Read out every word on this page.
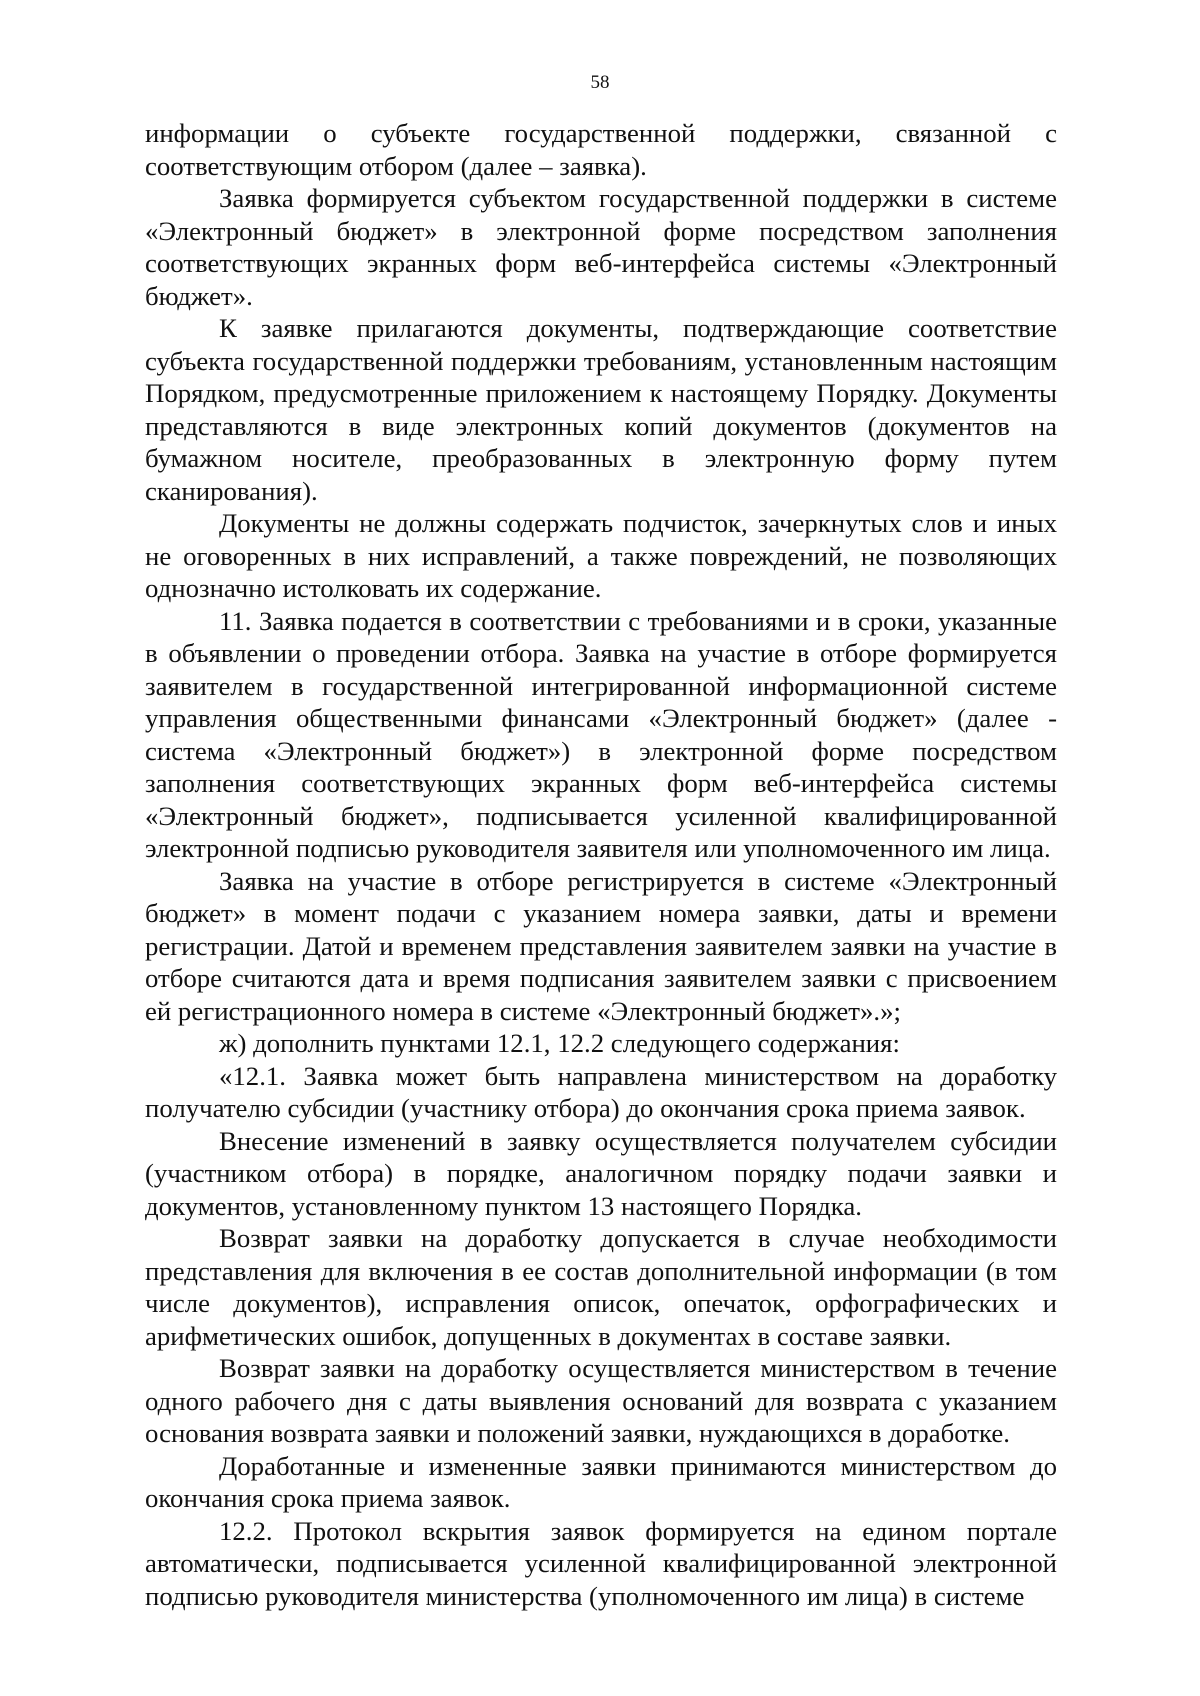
58

информации о субъекте государственной поддержки, связанной с соответствующим отбором (далее – заявка).

Заявка формируется субъектом государственной поддержки в системе «Электронный бюджет» в электронной форме посредством заполнения соответствующих экранных форм веб-интерфейса системы «Электронный бюджет».

К заявке прилагаются документы, подтверждающие соответствие субъекта государственной поддержки требованиям, установленным настоящим Порядком, предусмотренные приложением к настоящему Порядку. Документы представляются в виде электронных копий документов (документов на бумажном носителе, преобразованных в электронную форму путем сканирования).

Документы не должны содержать подчисток, зачеркнутых слов и иных не оговоренных в них исправлений, а также повреждений, не позволяющих однозначно истолковать их содержание.

11. Заявка подается в соответствии с требованиями и в сроки, указанные в объявлении о проведении отбора. Заявка на участие в отборе формируется заявителем в государственной интегрированной информационной системе управления общественными финансами «Электронный бюджет» (далее - система «Электронный бюджет») в электронной форме посредством заполнения соответствующих экранных форм веб-интерфейса системы «Электронный бюджет», подписывается усиленной квалифицированной электронной подписью руководителя заявителя или уполномоченного им лица.

Заявка на участие в отборе регистрируется в системе «Электронный бюджет» в момент подачи с указанием номера заявки, даты и времени регистрации. Датой и временем представления заявителем заявки на участие в отборе считаются дата и время подписания заявителем заявки с присвоением ей регистрационного номера в системе «Электронный бюджет».»;

ж) дополнить пунктами 12.1, 12.2 следующего содержания:

«12.1. Заявка может быть направлена министерством на доработку получателю субсидии (участнику отбора) до окончания срока приема заявок.

Внесение изменений в заявку осуществляется получателем субсидии (участником отбора) в порядке, аналогичном порядку подачи заявки и документов, установленному пунктом 13 настоящего Порядка.

Возврат заявки на доработку допускается в случае необходимости представления для включения в ее состав дополнительной информации (в том числе документов), исправления описок, опечаток, орфографических и арифметических ошибок, допущенных в документах в составе заявки.

Возврат заявки на доработку осуществляется министерством в течение одного рабочего дня с даты выявления оснований для возврата с указанием основания возврата заявки и положений заявки, нуждающихся в доработке.

Доработанные и измененные заявки принимаются министерством до окончания срока приема заявок.

12.2. Протокол вскрытия заявок формируется на едином портале автоматически, подписывается усиленной квалифицированной электронной подписью руководителя министерства (уполномоченного им лица) в системе
